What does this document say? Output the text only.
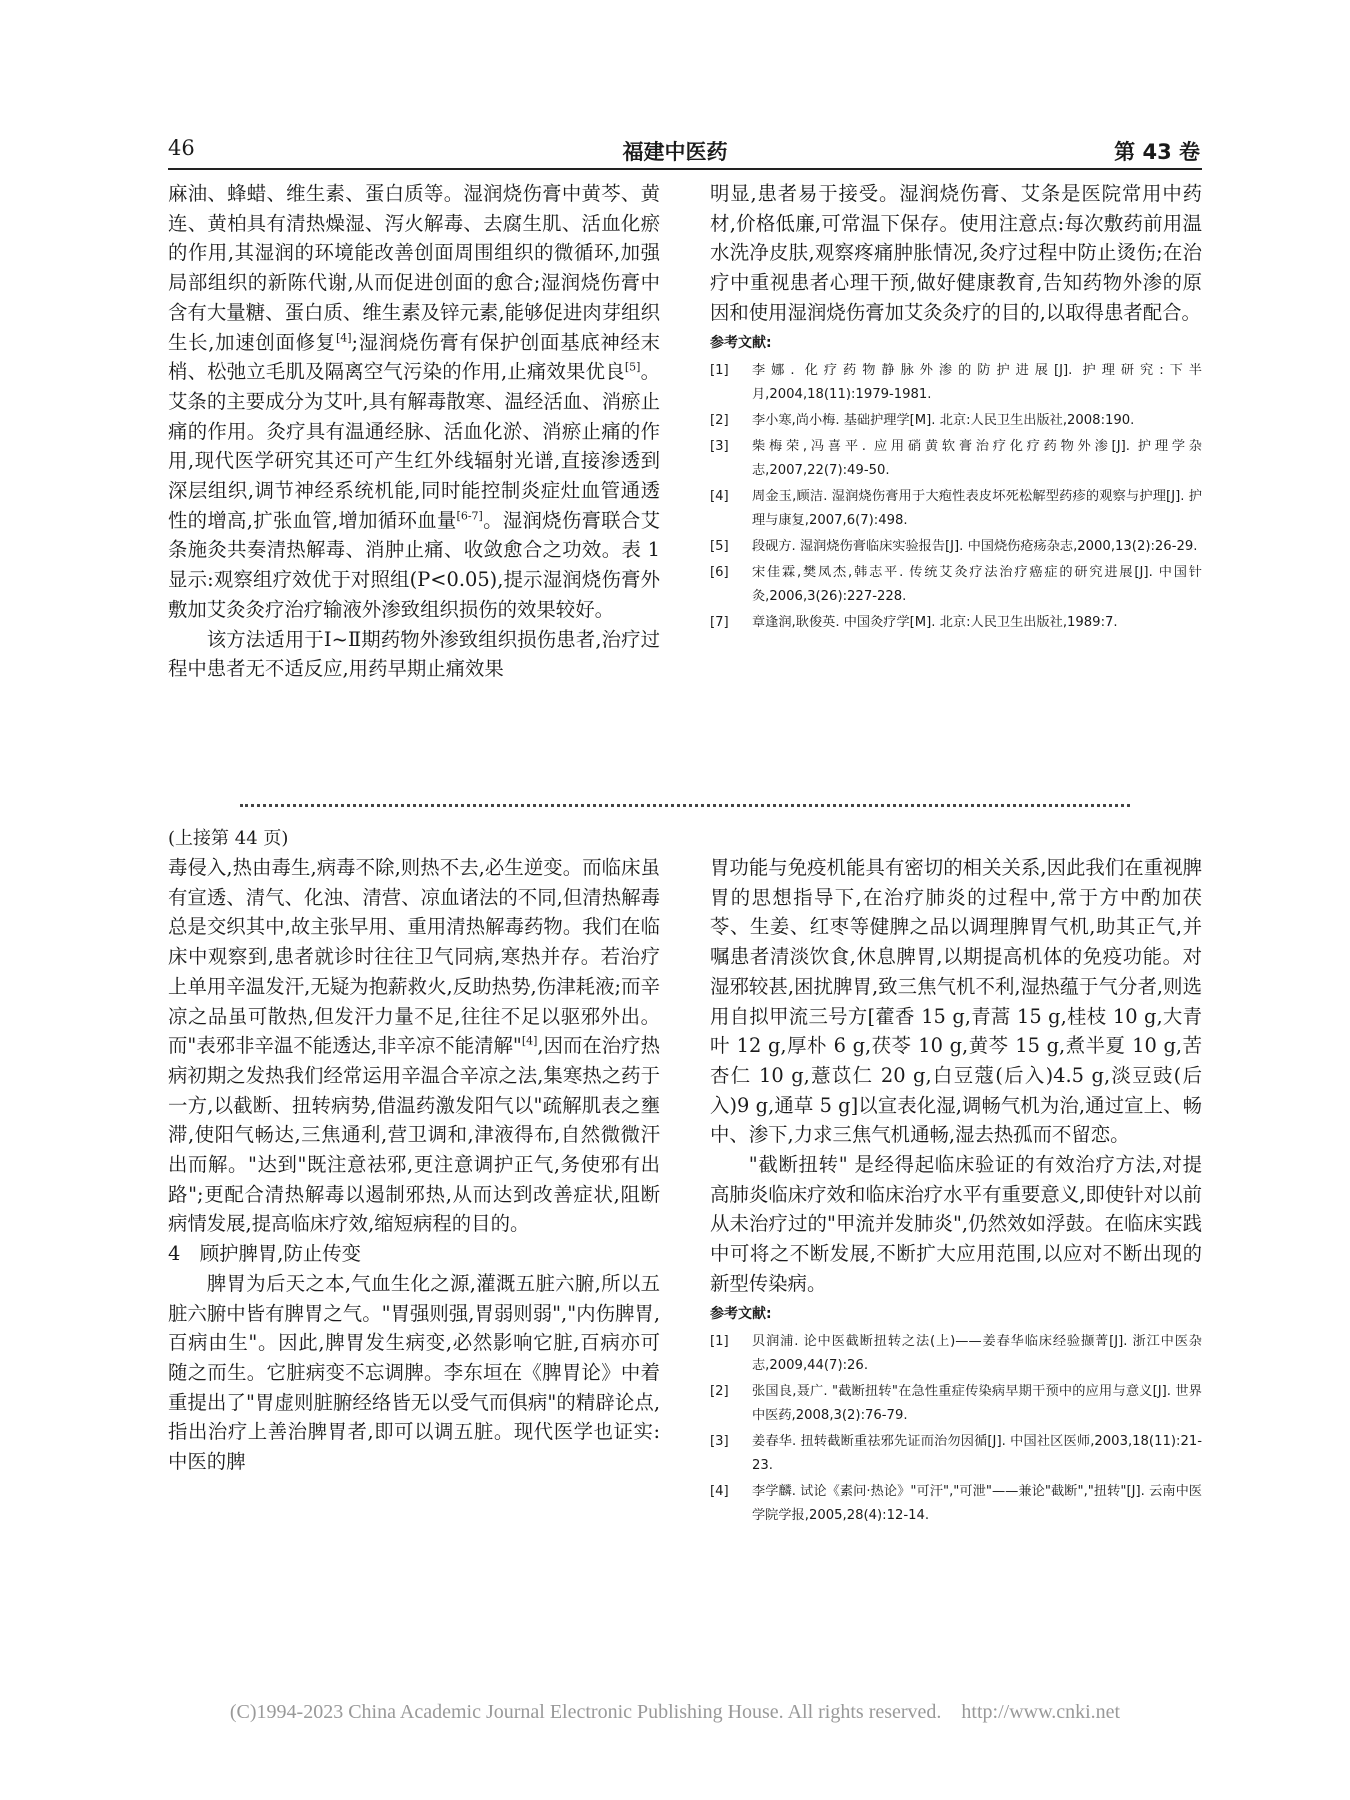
46	福建中医药	第 43 卷

麻油、蜂蜡、维生素、蛋白质等。湿润烧伤膏中黄芩、黄连、黄柏具有清热燥湿、泻火解毒、去腐生肌、活血化瘀的作用,其湿润的环境能改善创面周围组织的微循环,加强局部组织的新陈代谢,从而促进创面的愈合;湿润烧伤膏中含有大量糖、蛋白质、维生素及锌元素,能够促进肉芽组织生长,加速创面修复[4];湿润烧伤膏有保护创面基底神经末梢、松弛立毛肌及隔离空气污染的作用,止痛效果优良[5]。艾条的主要成分为艾叶,具有解毒散寒、温经活血、消瘀止痛的作用。灸疗具有温通经脉、活血化淤、消瘀止痛的作用,现代医学研究其还可产生红外线辐射光谱,直接渗透到深层组织,调节神经系统机能,同时能控制炎症灶血管通透性的增高,扩张血管,增加循环血量[6-7]。湿润烧伤膏联合艾条施灸共奏清热解毒、消肿止痛、收敛愈合之功效。表 1 显示:观察组疗效优于对照组(P<0.05),提示湿润烧伤膏外敷加艾灸灸疗治疗输液外渗致组织损伤的效果较好。

该方法适用于Ⅰ~Ⅱ期药物外渗致组织损伤患者,治疗过程中患者无不适反应,用药早期止痛效果

明显,患者易于接受。湿润烧伤膏、艾条是医院常用中药材,价格低廉,可常温下保存。使用注意点:每次敷药前用温水洗净皮肤,观察疼痛肿胀情况,灸疗过程中防止烫伤;在治疗中重视患者心理干预,做好健康教育,告知药物外渗的原因和使用湿润烧伤膏加艾灸灸疗的目的,以取得患者配合。

参考文献:
[1]	李娜. 化疗药物静脉外渗的防护进展[J]. 护理研究:下半月,2004,18(11):1979-1981.
[2]	李小寒,尚小梅. 基础护理学[M]. 北京:人民卫生出版社,2008:190.
[3]	柴梅荣,冯喜平. 应用硝黄软膏治疗化疗药物外渗[J]. 护理学杂志,2007,22(7):49-50.
[4]	周金玉,顾洁. 湿润烧伤膏用于大疱性表皮坏死松解型药疹的观察与护理[J]. 护理与康复,2007,6(7):498.
[5]	段砚方. 湿润烧伤膏临床实验报告[J]. 中国烧伤疮疡杂志,2000,13(2):26-29.
[6]	宋佳霖,樊凤杰,韩志平. 传统艾灸疗法治疗癌症的研究进展[J]. 中国针灸,2006,3(26):227-228.
[7]	章逢润,耿俊英. 中国灸疗学[M]. 北京:人民卫生出版社,1989:7.
(上接第 44 页)

毒侵入,热由毒生,病毒不除,则热不去,必生逆变。而临床虽有宣透、清气、化浊、清营、凉血诸法的不同,但清热解毒总是交织其中,故主张早用、重用清热解毒药物。我们在临床中观察到,患者就诊时往往卫气同病,寒热并存。若治疗上单用辛温发汗,无疑为抱薪救火,反助热势,伤津耗液;而辛凉之品虽可散热,但发汗力量不足,往往不足以驱邪外出。而"表邪非辛温不能透达,非辛凉不能清解"[4],因而在治疗热病初期之发热我们经常运用辛温合辛凉之法,集寒热之药于一方,以截断、扭转病势,借温药激发阳气以"疏解肌表之壅滞,使阳气畅达,三焦通利,营卫调和,津液得布,自然微微汗出而解。"达到"既注意祛邪,更注意调护正气,务使邪有出路";更配合清热解毒以遏制邪热,从而达到改善症状,阻断病情发展,提高临床疗效,缩短病程的目的。

4　顾护脾胃,防止传变

脾胃为后天之本,气血生化之源,灌溉五脏六腑,所以五脏六腑中皆有脾胃之气。"胃强则强,胃弱则弱","内伤脾胃,百病由生"。因此,脾胃发生病变,必然影响它脏,百病亦可随之而生。它脏病变不忘调脾。李东垣在《脾胃论》中着重提出了"胃虚则脏腑经络皆无以受气而俱病"的精辟论点,指出治疗上善治脾胃者,即可以调五脏。现代医学也证实:中医的脾

胃功能与免疫机能具有密切的相关关系,因此我们在重视脾胃的思想指导下,在治疗肺炎的过程中,常于方中酌加茯苓、生姜、红枣等健脾之品以调理脾胃气机,助其正气,并嘱患者清淡饮食,休息脾胃,以期提高机体的免疫功能。对湿邪较甚,困扰脾胃,致三焦气机不利,湿热蕴于气分者,则选用自拟甲流三号方[藿香 15 g,青蒿 15 g,桂枝 10 g,大青叶 12 g,厚朴 6 g,茯苓 10 g,黄芩 15 g,煮半夏 10 g,苦杏仁 10 g,薏苡仁 20 g,白豆蔻(后入)4.5 g,淡豆豉(后入)9 g,通草 5 g]以宣表化湿,调畅气机为治,通过宣上、畅中、渗下,力求三焦气机通畅,湿去热孤而不留恋。

"截断扭转" 是经得起临床验证的有效治疗方法,对提高肺炎临床疗效和临床治疗水平有重要意义,即使针对以前从未治疗过的"甲流并发肺炎",仍然效如浮鼓。在临床实践中可将之不断发展,不断扩大应用范围,以应对不断出现的新型传染病。

参考文献:
[1]	贝润浦. 论中医截断扭转之法(上)——姜春华临床经验撷菁[J]. 浙江中医杂志,2009,44(7):26.
[2]	张国良,聂广. "截断扭转"在急性重症传染病早期干预中的应用与意义[J]. 世界中医药,2008,3(2):76-79.
[3]	姜春华. 扭转截断重祛邪先证而治勿因循[J]. 中国社区医师,2003,18(11):21-23.
[4]	李学麟. 试论《素问·热论》"可汗","可泄"——兼论"截断","扭转"[J]. 云南中医学院学报,2005,28(4):12-14.
(C)1994-2023 China Academic Journal Electronic Publishing House. All rights reserved.　http://www.cnki.net
